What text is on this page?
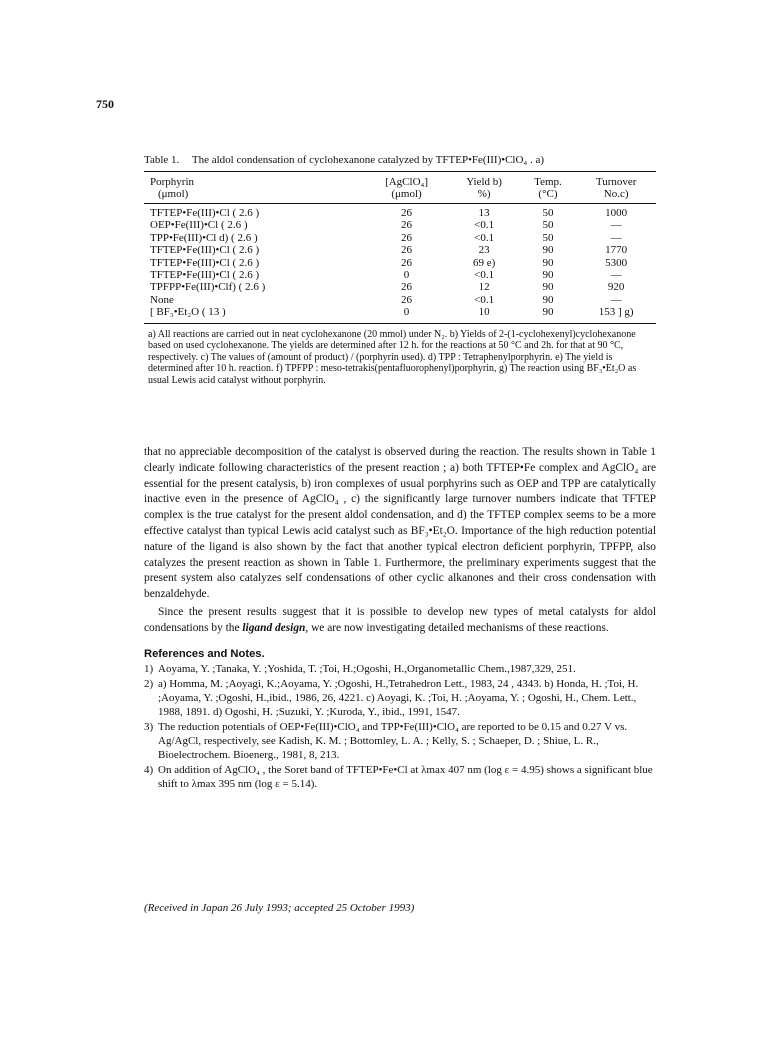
750
Table 1. The aldol condensation of cyclohexanone catalyzed by TFTEP•Fe(III)•ClO₄ . a)
Porphyrin	[AgClO₄]	Yield b)	Temp.	Turnover
(μmol)	(μmol)	%)	(°C)	No.c)
TFTEP•Fe(III)•Cl ( 2.6 )	26	13	50	1000
OEP•Fe(III)•Cl ( 2.6 )	26	<0.1	50	—
TPP•Fe(III)•Cl d) ( 2.6 )	26	<0.1	50	—
TFTEP•Fe(III)•Cl ( 2.6 )	26	23	90	1770
TFTEP•Fe(III)•Cl ( 2.6 )	26	69 e)	90	5300
TFTEP•Fe(III)•Cl ( 2.6 )	0	<0.1	90	—
TPFPP•Fe(III)•Clf) ( 2.6 )	26	12	90	920
None	26	<0.1	90	—
[ BF₃•Et₂O ( 13 )	0	10	90	153 ] g)
a) All reactions are carried out in neat cyclohexanone (20 mmol) under N₂. b) Yields of 2-(1-cyclohexenyl)cyclohexanone based on used cyclohexanone. The yields are determined after 12 h. for the reactions at 50 °C and 2h. for that at 90 °C, respectively. c) The values of (amount of product) / (porphyrin used). d) TPP : Tetraphenylporphyrin. e) The yield is determined after 10 h. reaction. f) TPFPP : meso-tetrakis(pentafluorophenyl)porphyrin, g) The reaction using BF₃•Et₂O as usual Lewis acid catalyst without porphyrin.

that no appreciable decomposition of the catalyst is observed during the reaction. The results shown in Table 1 clearly indicate following characteristics of the present reaction ; a) both TFTEP•Fe complex and AgClO₄ are essential for the present catalysis, b) iron complexes of usual porphyrins such as OEP and TPP are catalytically inactive even in the presence of AgClO₄ , c) the significantly large turnover numbers indicate that TFTEP complex is the true catalyst for the present aldol condensation, and d) the TFTEP complex seems to be a more effective catalyst than typical Lewis acid catalyst such as BF₃•Et₂O. Importance of the high reduction potential nature of the ligand is also shown by the fact that another typical electron deficient porphyrin, TPFPP, also catalyzes the present reaction as shown in Table 1. Furthermore, the preliminary experiments suggest that the present system also catalyzes self condensations of other cyclic alkanones and their cross condensation with benzaldehyde.

Since the present results suggest that it is possible to develop new types of metal catalysts for aldol condensations by the ligand design, we are now investigating detailed mechanisms of these reactions.

References and Notes.
1) Aoyama, Y. ;Tanaka, Y. ;Yoshida, T. ;Toi, H.;Ogoshi, H.,Organometallic Chem.,1987,329, 251.
2) a) Homma, M. ;Aoyagi, K.;Aoyama, Y. ;Ogoshi, H.,Tetrahedron Lett., 1983, 24 , 4343. b) Honda, H. ;Toi, H. ;Aoyama, Y. ;Ogoshi, H.,ibid., 1986, 26, 4221. c) Aoyagi, K. ;Toi, H. ;Aoyama, Y. ; Ogoshi, H., Chem. Lett., 1988, 1891. d) Ogoshi, H. ;Suzuki, Y. ;Kuroda, Y., ibid., 1991, 1547.
3) The reduction potentials of OEP•Fe(III)•ClO₄ and TPP•Fe(III)•ClO₄ are reported to be 0.15 and 0.27 V vs. Ag/AgCl, respectively, see Kadish, K. M. ; Bottomley, L. A. ; Kelly, S. ; Schaeper, D. ; Shiue, L. R., Bioelectrochem. Bioenerg., 1981, 8, 213.
4) On addition of AgClO₄ , the Soret band of TFTEP•Fe•Cl at λmax 407 nm (log ε = 4.95) shows a significant blue shift to λmax 395 nm (log ε = 5.14).
(Received in Japan 26 July 1993; accepted 25 October 1993)
